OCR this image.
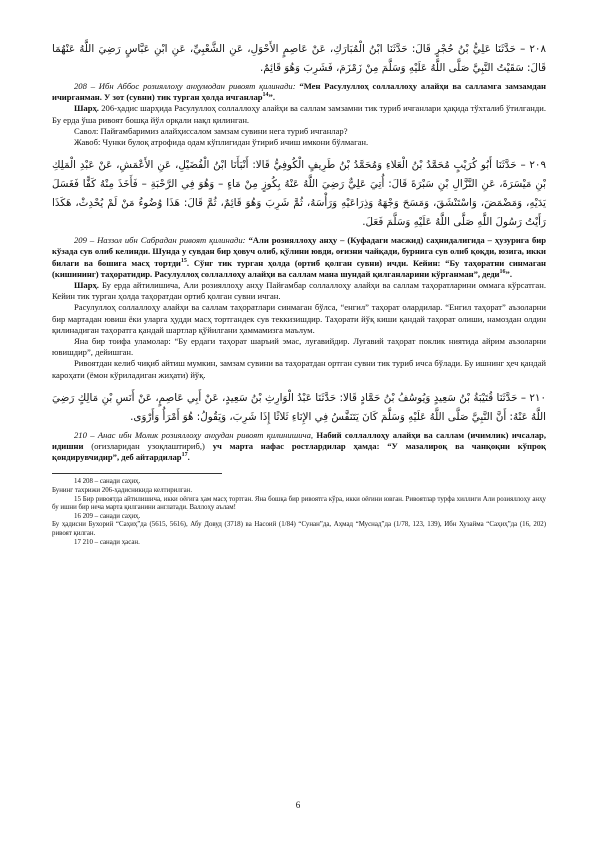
٢٠٨ – حَدَّثَنَا عَلِيُّ بْنُ حُجْرٍ قَالَ: حَدَّثَنَا ابْنُ الْمُبَارَكِ، عَنْ عَاصِمٍ الأَحْوَلِ، عَنِ الشَّعْبِيِّ، عَنِ ابْنِ عَبَّاسٍ رَضِيَ اللَّهُ عَنْهُمَا قَالَ: سَقَيْتُ النَّبِيَّ صَلَّى اللَّهُ عَلَيْهِ وَسَلَّمَ مِنْ زَمْزَمَ، فَشَرِبَ وَهُوَ قَائِمٌ.

208 – Ибн Аббос розияллоҳу анҳумодан ривоят қилинади: “Мен Расулуллоҳ соллаллоҳу алайҳи ва салламга замзамдан ичирганман. У зот (сувни) тик турган ҳолда ичганлар$^{14}$”.

Шарҳ. 206-ҳадис шарҳида Расулуллоҳ соллаллоҳу алайҳи ва саллам замзамни тик туриб ичганлари ҳақида тўхталиб ўтилганди. Бу ерда ўша ривоят бошқа йўл орқали нақл қилинган.

Савол: Пайғамбаримиз алайҳиссалом замзам сувини нега туриб ичганлар?

Жавоб: Чунки булоқ атрофида одам кўплигидан ўтириб ичиш имкони бўлмаган.

٢٠٩ – حَدَّثَنَا أَبُو كُرَيْبٍ مُحَمَّدُ بْنُ الْعَلاءِ وَمُحَمَّدُ بْنُ طَرِيفٍ الْكُوفِيُّ قَالا: أَنْبَأَنَا ابْنُ الْفُضَيْلِ، عَنِ الأَعْمَشِ، عَنْ عَبْدِ الْمَلِكِ بْنِ مَيْسَرَةَ، عَنِ النَّزَّالِ بْنِ سَبْرَةَ قَالَ: أُتِيَ عَلِيٌّ رَضِيَ اللَّهُ عَنْهُ بِكُوزٍ مِنْ مَاءٍ – وَهُوَ فِي الرَّحْبَةِ – فَأَخَذَ مِنْهُ كَفًّا فَغَسَلَ يَدَيْهِ، وَمَضْمَضَ، وَاسْتَنْشَقَ، وَمَسَحَ وَجْهَهُ وَذِرَاعَيْهِ وَرَأْسَهُ، ثُمَّ شَرِبَ وَهُوَ قَائِمٌ، ثُمَّ قَالَ: هَذَا وُضُوءُ مَنْ لَمْ يُحْدِثْ، هَكَذَا رَأَيْتُ رَسُولَ اللَّهِ صَلَّى اللَّهُ عَلَيْهِ وَسَلَّمَ فَعَلَ.

209 – Наззол ибн Сабрадан ривоят қилинади: “Али розияллоҳу анҳу – (Куфадаги масжид) саҳнидалигида – ҳузурига бир кўзада сув олиб келинди. Шунда у сувдан бир ҳовуч олиб, қўлини ювди, оғизни чайқади, бурнига сув олиб қоқди, юзига, икки билаги ва бошига масҳ тортди$^{15}$. Сўнг тик турган ҳолда (ортиб қолган сувни) ичди. Кейин: “Бу таҳоратни синмаган (кишининг) таҳоратидир. Расулуллоҳ соллаллоҳу алайҳи ва саллам мана шундай қилганларини кўрганман”, деди$^{16}$”.

Шарҳ. Бу ерда айтилишича, Али розияллоҳу анҳу Пайғамбар соллаллоҳу алайҳи ва саллам таҳоратларини оммага кўрсатган. Кейин тик турган ҳолда таҳоратдан ортиб қолган сувни ичган.

Расулуллоҳ соллаллоҳу алайҳи ва саллам таҳоратлари синмаган бўлса, “енгил” таҳорат олардилар. “Енгил таҳорат” аъзоларни бир мартадан ювиш ёки уларга ҳудди масҳ тортгандек сув теккизишдир. Таҳорати йўқ киши қандай таҳорат олиши, намоздан олдин қилинадиган таҳоратга қандай шартлар қўйилгани ҳаммамизга маълум.

Яна бир тоифа уламолар: “Бу ердаги таҳорат шаръий эмас, луғавийдир. Луғавий таҳорат поклик ниятида айрим аъзоларни ювишдир”, дейишган.

Ривоятдан келиб чиқиб айтиш мумкин, замзам сувини ва таҳоратдан ортган сувни тик туриб ичса бўлади. Бу ишнинг ҳеч қандай кароҳати (ёмон кўриладиган жиҳати) йўқ.

٢١٠ – حَدَّثَنَا قُتَيْبَةُ بْنُ سَعِيدٍ وَيُوسُفُ بْنُ حَمَّادٍ قَالا: حَدَّثَنَا عَبْدُ الْوَارِثِ بْنُ سَعِيدٍ، عَنْ أَبِي عَاصِمٍ، عَنْ أَنَسِ بْنِ مَالِكٍ رَضِيَ اللَّهُ عَنْهُ: أَنَّ النَّبِيَّ صَلَّى اللَّهُ عَلَيْهِ وَسَلَّمَ كَانَ يَتَنَفَّسُ فِي الإِنَاءِ ثَلاثًا إِذَا شَرِبَ، وَيَقُولُ: هُوَ أَمْرَأُ وَأَرْوَى.

210 – Анас ибн Молик розияллоҳу анҳудан ривоят қилинишича, Набий соллаллоҳу алайҳи ва саллам (ичимлик) ичсалар, идишни (оғизларидан узоқлаштириб,) уч марта нафас ростлардилар ҳамда: “У мазалироқ ва чанқоқни кўпроқ қондирувчидир”, деб айтардилар$^{17}$.

14 208 – санади саҳиҳ.

Бунинг тахрижи 206-ҳадисникида келтирилган.

15 Бир ривоятда айтилишича, икки оёғига ҳам масҳ тортган. Яна бошқа бир ривоятга кўра, икки оёғини ювган. Ривоятлар турфа хиллиги Али розияллоҳу анҳу бу ишни бир неча марта қилганини англатади. Валлоҳу аълам!

16 209 – санади саҳиҳ.

Бу ҳадисни Бухорий “Саҳиҳ”да (5615, 5616), Абу Довуд (3718) ва Насоий (1/84) “Сунан”да, Аҳмад “Муснад”да (1/78, 123, 139), Ибн Хузайма “Саҳиҳ”да (16, 202) ривоят қилган.

17 210 – санади ҳасан.

6
